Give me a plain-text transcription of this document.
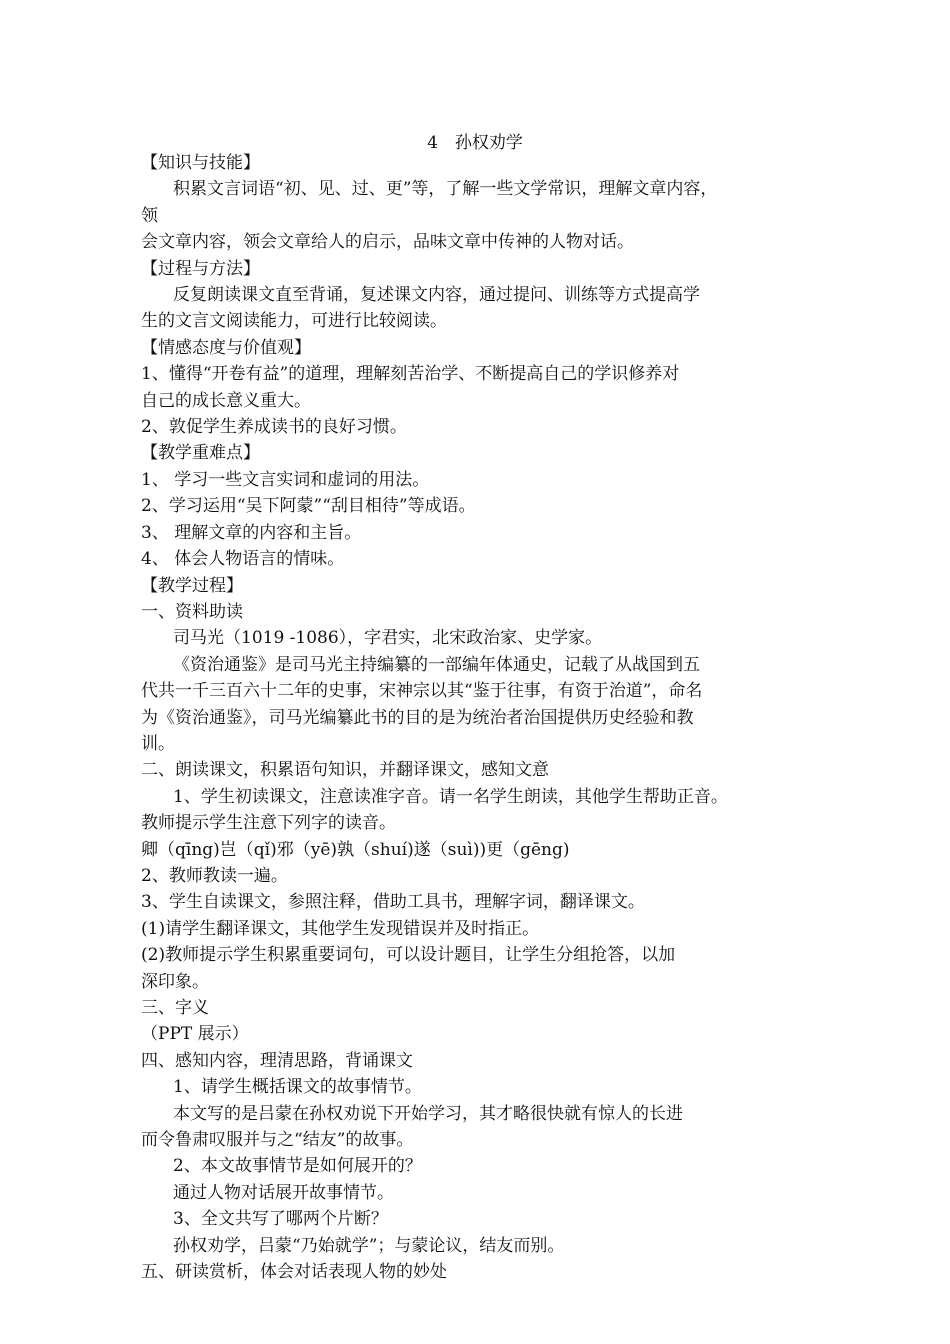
4　孙权劝学
【知识与技能】
积累文言词语“初、见、过、更”等，了解一些文学常识，理解文章内容，
领
会文章内容，领会文章给人的启示，品味文章中传神的人物对话。
【过程与方法】
反复朗读课文直至背诵，复述课文内容，通过提问、训练等方式提高学
生的文言文阅读能力，可进行比较阅读。
【情感态度与价值观】
1、懂得“开卷有益”的道理，理解刻苦治学、不断提高自己的学识修养对
自己的成长意义重大。
2、敦促学生养成读书的良好习惯。
【教学重难点】
1、 学习一些文言实词和虚词的用法。
2、学习运用“吴下阿蒙”“刮目相待”等成语。
3、 理解文章的内容和主旨。
4、 体会人物语言的情味。
【教学过程】
一、资料助读
司马光（1019 -1086），字君实，北宋政治家、史学家。
《资治通鉴》是司马光主持编纂的一部编年体通史，记载了从战国到五
代共一千三百六十二年的史事，宋神宗以其“鉴于往事，有资于治道”，命名
为《资治通鉴》，司马光编纂此书的目的是为统治者治国提供历史经验和教
训。
二、朗读课文，积累语句知识，并翻译课文，感知文意
1、学生初读课文，注意读准字音。请一名学生朗读，其他学生帮助正音。
教师提示学生注意下列字的读音。
卿（qīng)岂（qǐ)邪（yē)孰（shuí)遂（suì))更（gēng)
2、教师教读一遍。
3、学生自读课文，参照注释，借助工具书，理解字词，翻译课文。
(1)请学生翻译课文，其他学生发现错误并及时指正。
(2)教师提示学生积累重要词句，可以设计题目，让学生分组抢答，以加
深印象。
三、字义
（PPT 展示）
四、感知内容，理清思路，背诵课文
1、请学生概括课文的故事情节。
本文写的是吕蒙在孙权劝说下开始学习，其才略很快就有惊人的长进
而令鲁肃叹服并与之“结友”的故事。
2、本文故事情节是如何展开的？
通过人物对话展开故事情节。
3、全文共写了哪两个片断？
孙权劝学，吕蒙“乃始就学”；与蒙论议，结友而别。
五、研读赏析，体会对话表现人物的妙处
